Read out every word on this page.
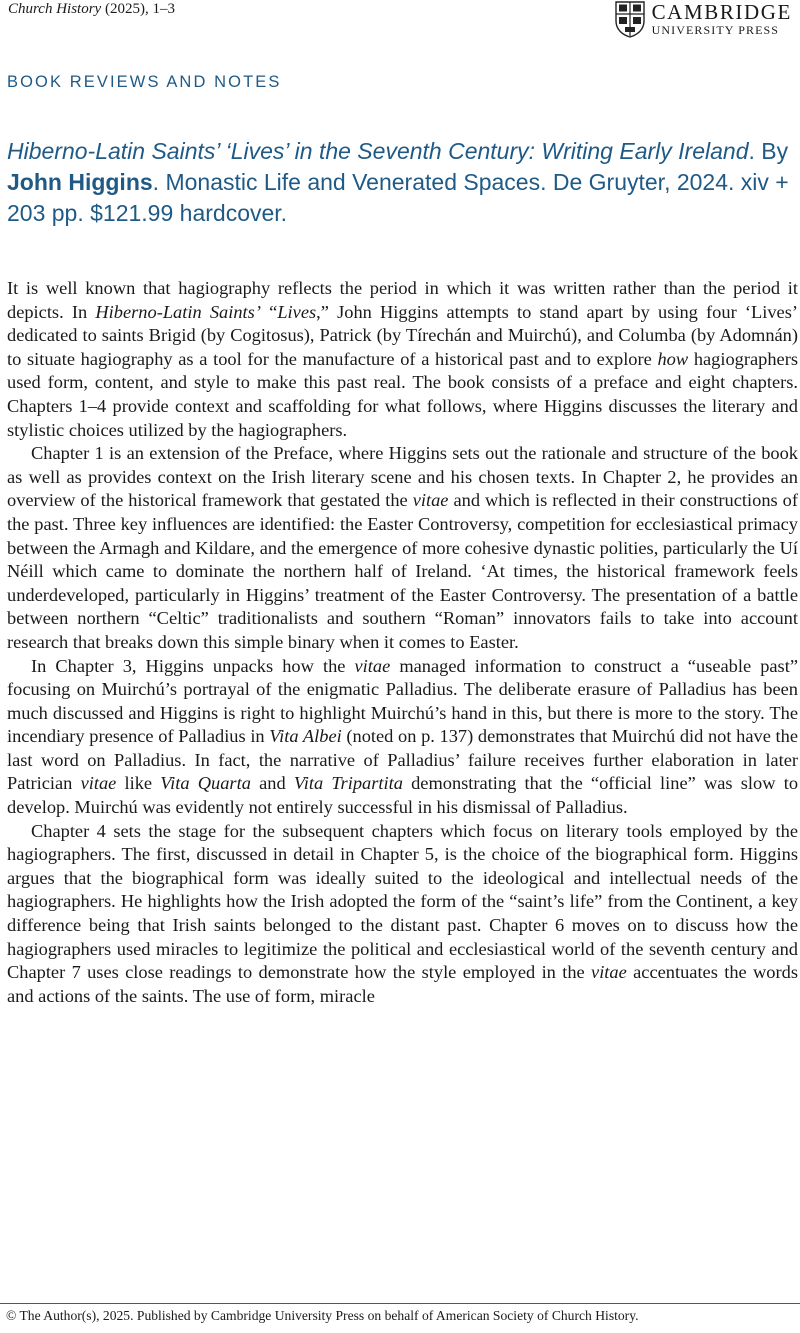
Church History (2025), 1–3	CAMBRIDGE
UNIVERSITY PRESS
BOOK REVIEWS AND NOTES
Hiberno-Latin Saints’ ‘Lives’ in the Seventh Century: Writing Early Ireland. By John Higgins. Monastic Life and Venerated Spaces. De Gruyter, 2024. xiv + 203 pp. $121.99 hardcover.

It is well known that hagiography reflects the period in which it was written rather than the period it depicts. In Hiberno-Latin Saints’ “Lives,” John Higgins attempts to stand apart by using four ‘Lives’ dedicated to saints Brigid (by Cogitosus), Patrick (by Tírechán and Muirchú), and Columba (by Adomnán) to situate hagiography as a tool for the manufacture of a historical past and to explore how hagiographers used form, content, and style to make this past real. The book consists of a preface and eight chapters. Chapters 1–4 provide context and scaffolding for what follows, where Higgins discusses the literary and stylistic choices utilized by the hagiographers.

Chapter 1 is an extension of the Preface, where Higgins sets out the rationale and structure of the book as well as provides context on the Irish literary scene and his chosen texts. In Chapter 2, he provides an overview of the historical framework that gestated the vitae and which is reflected in their constructions of the past. Three key influences are identified: the Easter Controversy, competition for ecclesiastical primacy between the Armagh and Kildare, and the emergence of more cohesive dynastic polities, particularly the Uí Néill which came to dominate the northern half of Ireland. ‘At times, the historical framework feels underdeveloped, particularly in Higgins’ treatment of the Easter Controversy. The presentation of a battle between northern “Celtic” traditionalists and southern “Roman” innovators fails to take into account research that breaks down this simple binary when it comes to Easter.

In Chapter 3, Higgins unpacks how the vitae managed information to construct a “useable past” focusing on Muirchú’s portrayal of the enigmatic Palladius. The deliberate erasure of Palladius has been much discussed and Higgins is right to highlight Muirchú’s hand in this, but there is more to the story. The incendiary presence of Palladius in Vita Albei (noted on p. 137) demonstrates that Muirchú did not have the last word on Palladius. In fact, the narrative of Palladius’ failure receives further elaboration in later Patrician vitae like Vita Quarta and Vita Tripartita demonstrating that the “official line” was slow to develop. Muirchú was evidently not entirely successful in his dismissal of Palladius.

Chapter 4 sets the stage for the subsequent chapters which focus on literary tools employed by the hagiographers. The first, discussed in detail in Chapter 5, is the choice of the biographical form. Higgins argues that the biographical form was ideally suited to the ideological and intellectual needs of the hagiographers. He highlights how the Irish adopted the form of the “saint’s life” from the Continent, a key difference being that Irish saints belonged to the distant past. Chapter 6 moves on to discuss how the hagiographers used miracles to legitimize the political and ecclesiastical world of the seventh century and Chapter 7 uses close readings to demonstrate how the style employed in the vitae accentuates the words and actions of the saints. The use of form, miracle

© The Author(s), 2025. Published by Cambridge University Press on behalf of American Society of Church History.
